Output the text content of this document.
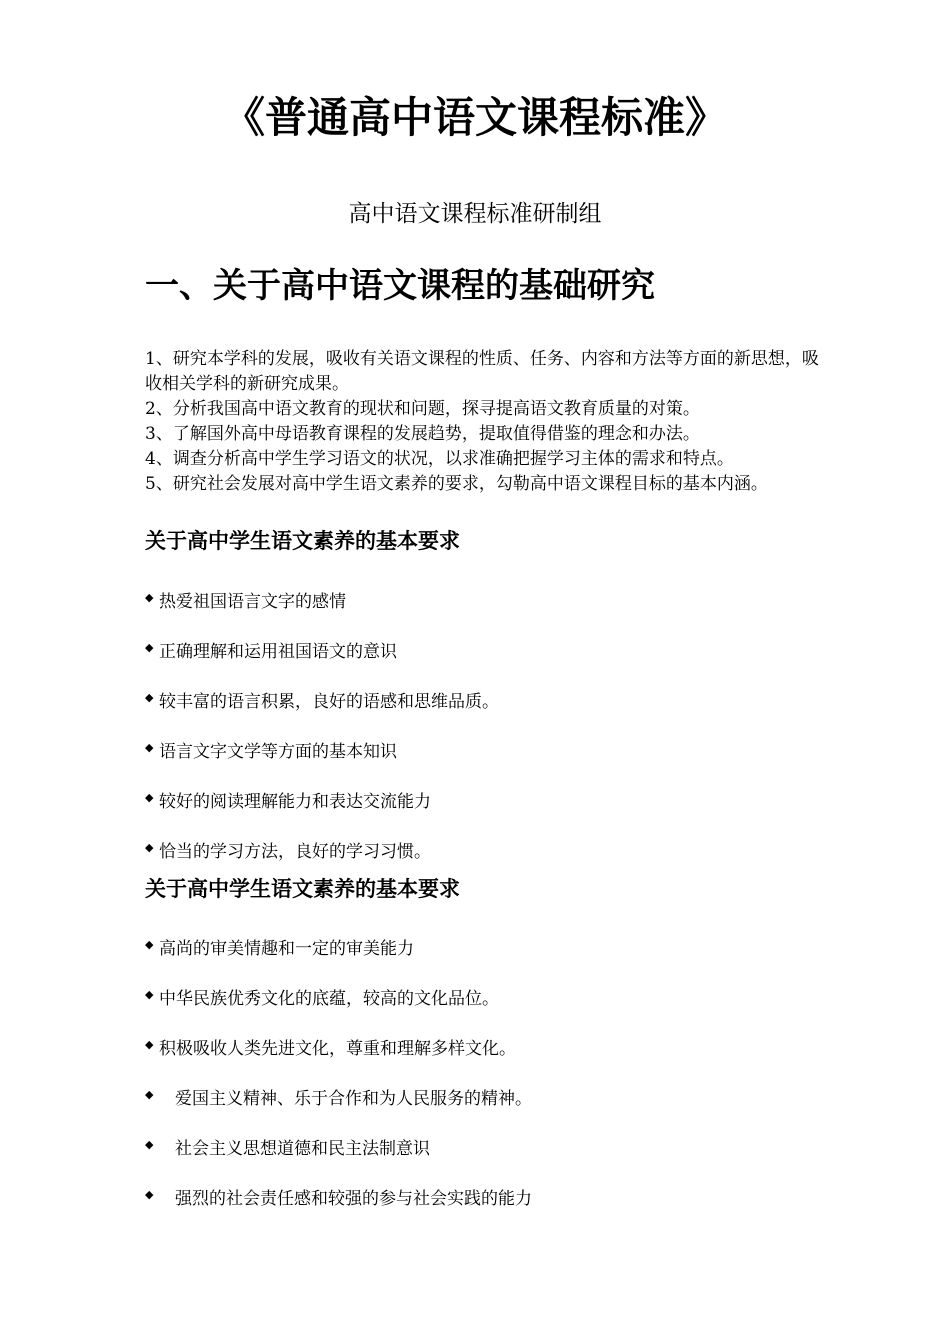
《普通高中语文课程标准》

高中语文课程标准研制组

一、关于高中语文课程的基础研究
1、研究本学科的发展，吸收有关语文课程的性质、任务、内容和方法等方面的新思想，吸收相关学科的新研究成果。
2、分析我国高中语文教育的现状和问题，探寻提高语文教育质量的对策。
3、了解国外高中母语教育课程的发展趋势，提取值得借鉴的理念和办法。
4、调查分析高中学生学习语文的状况，以求准确把握学习主体的需求和特点。
5、研究社会发展对高中学生语文素养的要求，勾勒高中语文课程目标的基本内涵。
关于高中学生语文素养的基本要求
◆ 热爱祖国语言文字的感情
◆ 正确理解和运用祖国语文的意识
◆ 较丰富的语言积累，良好的语感和思维品质。
◆ 语言文字文学等方面的基本知识
◆ 较好的阅读理解能力和表达交流能力
◆ 恰当的学习方法，良好的学习习惯。
关于高中学生语文素养的基本要求
◆ 高尚的审美情趣和一定的审美能力
◆ 中华民族优秀文化的底蕴，较高的文化品位。
◆ 积极吸收人类先进文化，尊重和理解多样文化。
◆ 爱国主义精神、乐于合作和为人民服务的精神。
◆ 社会主义思想道德和民主法制意识
◆ 强烈的社会责任感和较强的参与社会实践的能力
